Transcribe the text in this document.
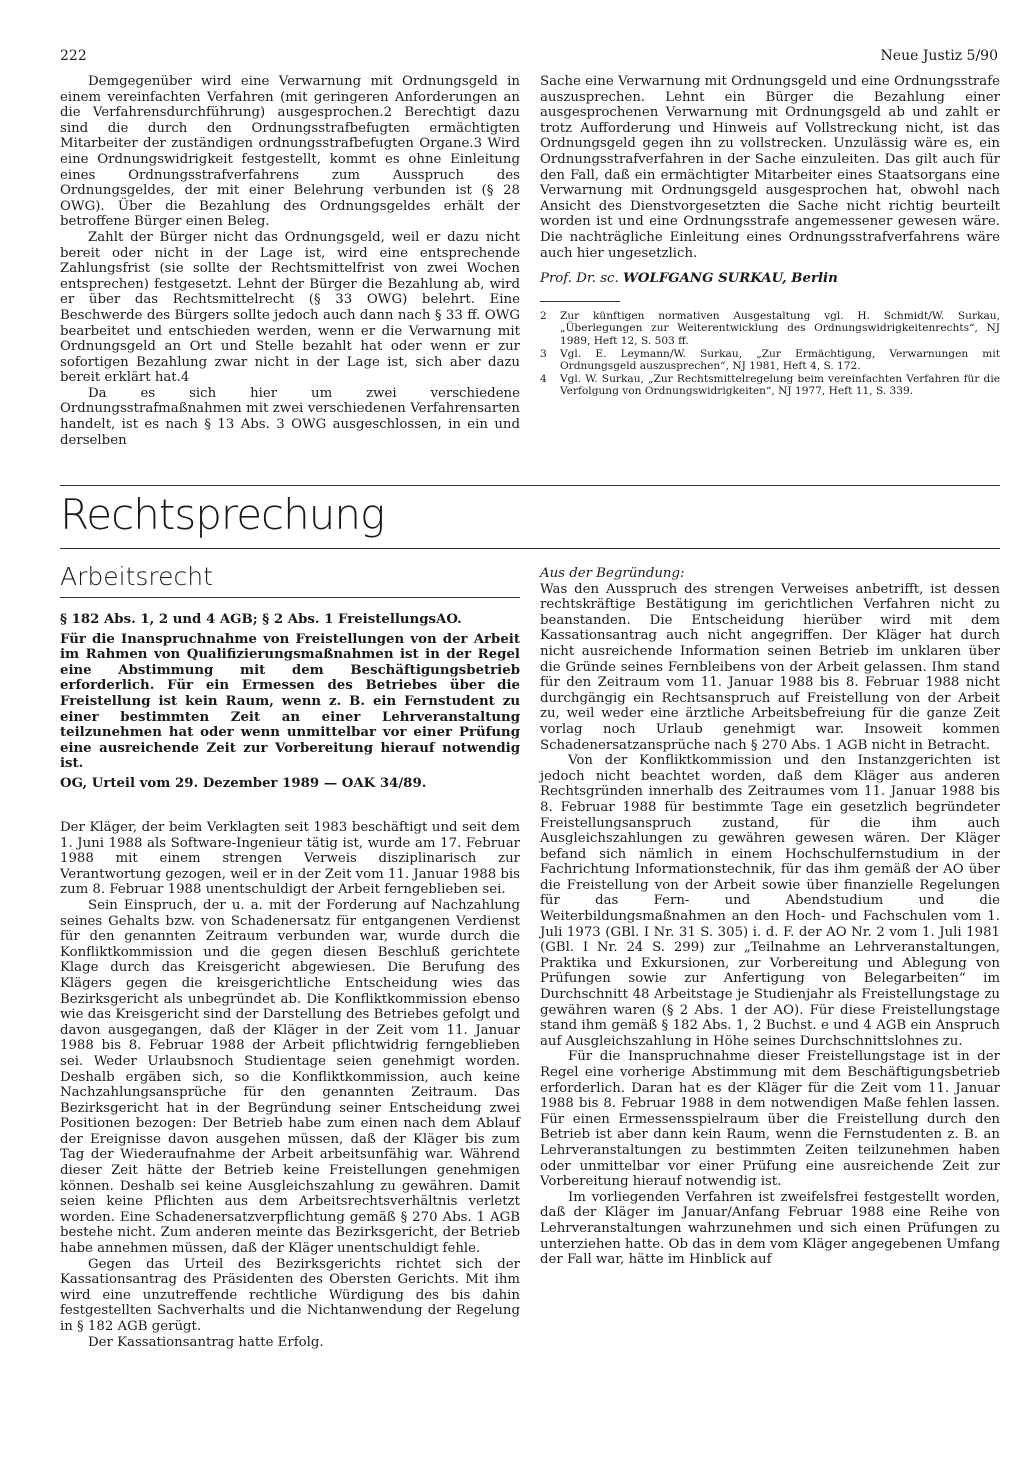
222	Neue Justiz 5/90

Demgegenüber wird eine Verwarnung mit Ordnungsgeld in einem vereinfachten Verfahren (mit geringeren Anforderungen an die Verfahrensdurchführung) ausgesprochen.2 Berechtigt dazu sind die durch den Ordnungsstrafbefugten ermächtigten Mitarbeiter der zuständigen ordnungsstrafbefugten Organe.3 Wird eine Ordnungswidrigkeit festgestellt, kommt es ohne Einleitung eines Ordnungsstrafverfahrens zum Ausspruch des Ordnungsgeldes, der mit einer Belehrung verbunden ist (§ 28 OWG). Über die Bezahlung des Ordnungsgeldes erhält der betroffene Bürger einen Beleg.

Zahlt der Bürger nicht das Ordnungsgeld, weil er dazu nicht bereit oder nicht in der Lage ist, wird eine entsprechende Zahlungsfrist (sie sollte der Rechtsmittelfrist von zwei Wochen entsprechen) festgesetzt. Lehnt der Bürger die Bezahlung ab, wird er über das Rechtsmittelrecht (§ 33 OWG) belehrt. Eine Beschwerde des Bürgers sollte jedoch auch dann nach § 33 ff. OWG bearbeitet und entschieden werden, wenn er die Verwarnung mit Ordnungsgeld an Ort und Stelle bezahlt hat oder wenn er zur sofortigen Bezahlung zwar nicht in der Lage ist, sich aber dazu bereit erklärt hat.4

Da es sich hier um zwei verschiedene Ordnungsstrafmaßnahmen mit zwei verschiedenen Verfahrensarten handelt, ist es nach § 13 Abs. 3 OWG ausgeschlossen, in ein und derselben

Sache eine Verwarnung mit Ordnungsgeld und eine Ordnungsstrafe auszusprechen. Lehnt ein Bürger die Bezahlung einer ausgesprochenen Verwarnung mit Ordnungsgeld ab und zahlt er trotz Aufforderung und Hinweis auf Vollstreckung nicht, ist das Ordnungsgeld gegen ihn zu vollstrecken. Unzulässig wäre es, ein Ordnungsstrafverfahren in der Sache einzuleiten. Das gilt auch für den Fall, daß ein ermächtigter Mitarbeiter eines Staatsorgans eine Verwarnung mit Ordnungsgeld ausgesprochen hat, obwohl nach Ansicht des Dienstvorgesetzten die Sache nicht richtig beurteilt worden ist und eine Ordnungsstrafe angemessener gewesen wäre. Die nachträgliche Einleitung eines Ordnungsstrafverfahrens wäre auch hier ungesetzlich.

Prof. Dr. sc. WOLFGANG SURKAU, Berlin

2	Zur künftigen normativen Ausgestaltung vgl. H. Schmidt/W. Surkau, „Überlegungen zur Weiterentwicklung des Ordnungswidrigkeitenrechts“, NJ 1989, Heft 12, S. 503 ff.
3	Vgl. E. Leymann/W. Surkau, „Zur Ermächtigung, Verwarnungen mit Ordnungsgeld auszusprechen“, NJ 1981, Heft 4, S. 172.
4	Vgl. W. Surkau, „Zur Rechtsmittelregelung beim vereinfachten Verfahren für die Verfolgung von Ordnungswidrigkeiten“, NJ 1977, Heft 11, S. 339.
Rechtsprechung
Arbeitsrecht

§ 182 Abs. 1, 2 und 4 AGB; § 2 Abs. 1 FreistellungsAO.

Für die Inanspruchnahme von Freistellungen von der Arbeit im Rahmen von Qualifizierungsmaßnahmen ist in der Regel eine Abstimmung mit dem Beschäftigungsbetrieb erforderlich. Für ein Ermessen des Betriebes über die Freistellung ist kein Raum, wenn z. B. ein Fernstudent zu einer bestimmten Zeit an einer Lehrveranstaltung teilzunehmen hat oder wenn unmittelbar vor einer Prüfung eine ausreichende Zeit zur Vorbereitung hierauf notwendig ist.

OG, Urteil vom 29. Dezember 1989 — OAK 34/89.

Der Kläger, der beim Verklagten seit 1983 beschäftigt und seit dem 1. Juni 1988 als Software-Ingenieur tätig ist, wurde am 17. Februar 1988 mit einem strengen Verweis disziplinarisch zur Verantwortung gezogen, weil er in der Zeit vom 11. Januar 1988 bis zum 8. Februar 1988 unentschuldigt der Arbeit ferngeblieben sei.

Sein Einspruch, der u. a. mit der Forderung auf Nachzahlung seines Gehalts bzw. von Schadenersatz für entgangenen Verdienst für den genannten Zeitraum verbunden war, wurde durch die Konfliktkommission und die gegen diesen Beschluß gerichtete Klage durch das Kreisgericht abgewiesen. Die Berufung des Klägers gegen die kreisgerichtliche Entscheidung wies das Bezirksgericht als unbegründet ab. Die Konfliktkommission ebenso wie das Kreisgericht sind der Darstellung des Betriebes gefolgt und davon ausgegangen, daß der Kläger in der Zeit vom 11. Januar 1988 bis 8. Februar 1988 der Arbeit pflichtwidrig ferngeblieben sei. Weder Urlaubsnoch Studientage seien genehmigt worden. Deshalb ergäben sich, so die Konfliktkommission, auch keine Nachzahlungsansprüche für den genannten Zeitraum. Das Bezirksgericht hat in der Begründung seiner Entscheidung zwei Positionen bezogen: Der Betrieb habe zum einen nach dem Ablauf der Ereignisse davon ausgehen müssen, daß der Kläger bis zum Tag der Wiederaufnahme der Arbeit arbeitsunfähig war. Während dieser Zeit hätte der Betrieb keine Freistellungen genehmigen können. Deshalb sei keine Ausgleichszahlung zu gewähren. Damit seien keine Pflichten aus dem Arbeitsrechtsverhältnis verletzt worden. Eine Schadenersatzverpflichtung gemäß § 270 Abs. 1 AGB bestehe nicht. Zum anderen meinte das Bezirksgericht, der Betrieb habe annehmen müssen, daß der Kläger unentschuldigt fehle.

Gegen das Urteil des Bezirksgerichts richtet sich der Kassationsantrag des Präsidenten des Obersten Gerichts. Mit ihm wird eine unzutreffende rechtliche Würdigung des bis dahin festgestellten Sachverhalts und die Nichtanwendung der Regelung in § 182 AGB gerügt.

Der Kassationsantrag hatte Erfolg.

Aus der Begründung:

Was den Ausspruch des strengen Verweises anbetrifft, ist dessen rechtskräftige Bestätigung im gerichtlichen Verfahren nicht zu beanstanden. Die Entscheidung hierüber wird mit dem Kassationsantrag auch nicht angegriffen. Der Kläger hat durch nicht ausreichende Information seinen Betrieb im unklaren über die Gründe seines Fernbleibens von der Arbeit gelassen. Ihm stand für den Zeitraum vom 11. Januar 1988 bis 8. Februar 1988 nicht durchgängig ein Rechtsanspruch auf Freistellung von der Arbeit zu, weil weder eine ärztliche Arbeitsbefreiung für die ganze Zeit vorlag noch Urlaub genehmigt war. Insoweit kommen Schadenersatzansprüche nach § 270 Abs. 1 AGB nicht in Betracht.

Von der Konfliktkommission und den Instanzgerichten ist jedoch nicht beachtet worden, daß dem Kläger aus anderen Rechtsgründen innerhalb des Zeitraumes vom 11. Januar 1988 bis 8. Februar 1988 für bestimmte Tage ein gesetzlich begründeter Freistellungsanspruch zustand, für die ihm auch Ausgleichszahlungen zu gewähren gewesen wären. Der Kläger befand sich nämlich in einem Hochschulfernstudium in der Fachrichtung Informationstechnik, für das ihm gemäß der AO über die Freistellung von der Arbeit sowie über finanzielle Regelungen für das Fern- und Abendstudium und die Weiterbildungsmaßnahmen an den Hoch- und Fachschulen vom 1. Juli 1973 (GBl. I Nr. 31 S. 305) i. d. F. der AO Nr. 2 vom 1. Juli 1981 (GBl. I Nr. 24 S. 299) zur „Teilnahme an Lehrveranstaltungen, Praktika und Exkursionen, zur Vorbereitung und Ablegung von Prüfungen sowie zur Anfertigung von Belegarbeiten“ im Durchschnitt 48 Arbeitstage je Studienjahr als Freistellungstage zu gewähren waren (§ 2 Abs. 1 der AO). Für diese Freistellungstage stand ihm gemäß § 182 Abs. 1, 2 Buchst. e und 4 AGB ein Anspruch auf Ausgleichszahlung in Höhe seines Durchschnittslohnes zu.

Für die Inanspruchnahme dieser Freistellungstage ist in der Regel eine vorherige Abstimmung mit dem Beschäftigungsbetrieb erforderlich. Daran hat es der Kläger für die Zeit vom 11. Januar 1988 bis 8. Februar 1988 in dem notwendigen Maße fehlen lassen. Für einen Ermessensspielraum über die Freistellung durch den Betrieb ist aber dann kein Raum, wenn die Fernstudenten z. B. an Lehrveranstaltungen zu bestimmten Zeiten teilzunehmen haben oder unmittelbar vor einer Prüfung eine ausreichende Zeit zur Vorbereitung hierauf notwendig ist.

Im vorliegenden Verfahren ist zweifelsfrei festgestellt worden, daß der Kläger im Januar/Anfang Februar 1988 eine Reihe von Lehrveranstaltungen wahrzunehmen und sich einen Prüfungen zu unterziehen hatte. Ob das in dem vom Kläger angegebenen Umfang der Fall war, hätte im Hinblick auf
